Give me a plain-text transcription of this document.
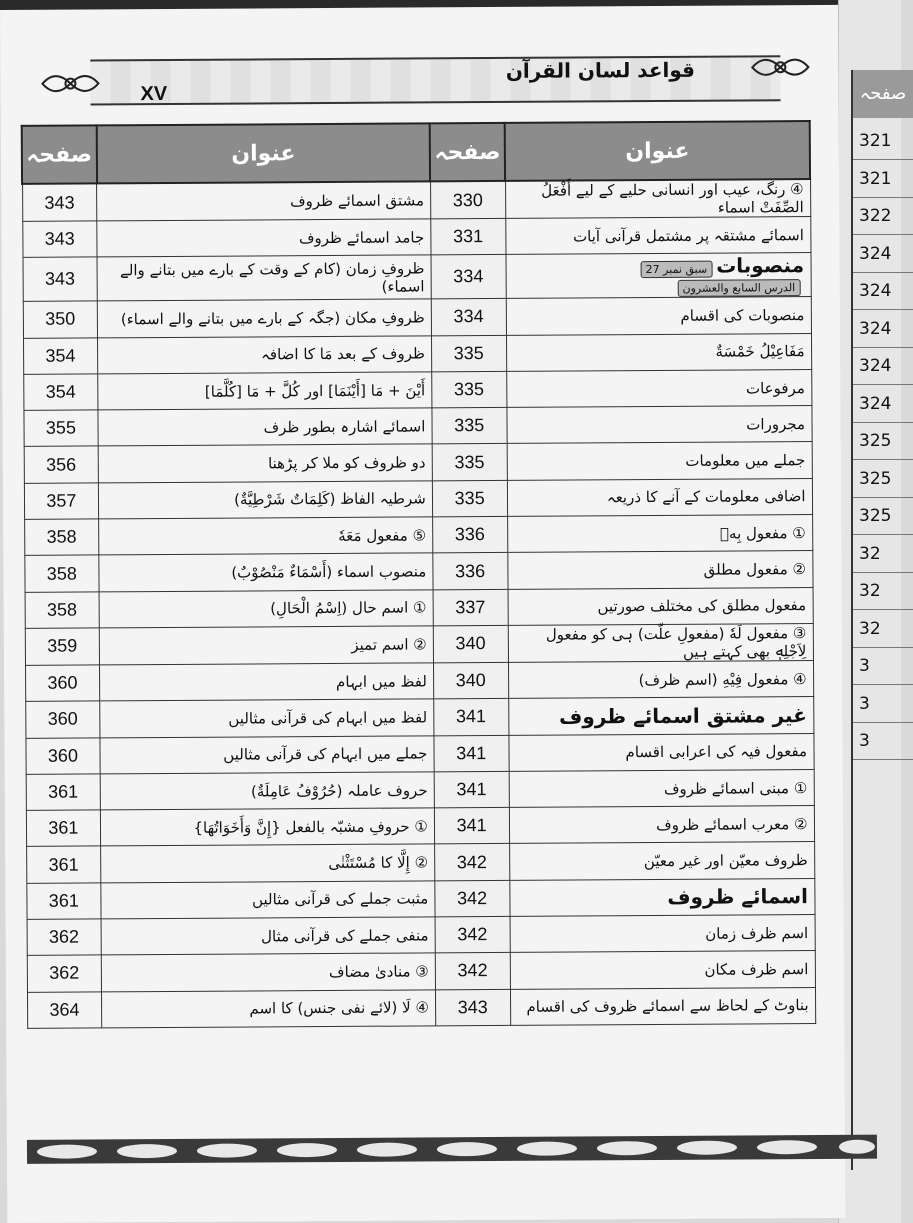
صفحہ
321
321
322
324
324
324
324
324
325
325
325
32
32
32
3
3
3
قواعد لسان القرآن
XV
صفحہ	عنوان	صفحہ	عنوان
343	مشتق اسمائے ظروف	330	④ رنگ، عیب اور انسانی حلیے کے لیے أَفْعَلُ الصِّفَتْ اسماء
343	جامد اسمائے ظروف	331	اسمائے مشتقہ پر مشتمل قرآنی آیات
343	ظروفِ زمان (کام کے وقت کے بارے میں بتانے والے اسماء)	334	منصوباتسبق نمبر 27الدرس السابع والعشرون
350	ظروفِ مکان (جگہ کے بارے میں بتانے والے اسماء)	334	منصوبات کی اقسام
354	ظروف کے بعد مَا کا اضافہ	335	مَفَاعِيْلُ خَمْسَةٌ
354	أَيْنَ + مَا [أَيْنَمَا] اور كُلَّ + مَا [كُلَّمَا]	335	مرفوعات
355	اسمائے اشارہ بطور ظرف	335	مجرورات
356	دو ظروف کو ملا کر پڑھنا	335	جملے میں معلومات
357	شرطیہ الفاظ (كَلِمَاتٌ شَرْطِيَّةٌ)	335	اضافی معلومات کے آنے کا ذریعہ
358	⑤ مفعول مَعَهٗ	336	① مفعول بِهٖ
358	منصوب اسماء (أَسْمَاءٌ مَنْصُوْبٌ)	336	② مفعول مطلق
358	① اسم حال (اِسْمُ الْحَالِ)	337	مفعول مطلق کی مختلف صورتیں
359	② اسم تمیز	340	③ مفعول لَهٗ (مفعولِ علّت) ہی کو مفعول لِاَجْلِهٖ بھی کہتے ہیں
360	لفظ میں ابہام	340	④ مفعول فِيْهِ (اسم ظرف)
360	لفظ میں ابہام کی قرآنی مثالیں	341	غیر مشتق اسمائے ظروف
360	جملے میں ابہام کی قرآنی مثالیں	341	مفعول فیہ کی اعرابی اقسام
361	حروف عاملہ (حُرُوْفُ عَامِلَةٌ)	341	① مبنی اسمائے ظروف
361	① حروفِ مشبّہ بالفعل {إِنَّ وَأَخَوَاتُهَا}	341	② معرب اسمائے ظروف
361	② إِلَّا کا مُسْتَثْنٰى	342	ظروف معیّن اور غیر معیّن
361	مثبت جملے کی قرآنی مثالیں	342	اسمائے ظروف
362	منفی جملے کی قرآنی مثال	342	اسم ظرف زمان
362	③ منادیٰ مضاف	342	اسم ظرف مکان
364	④ لَا (لائے نفی جنس) کا اسم	343	بناوٹ کے لحاظ سے اسمائے ظروف کی اقسام
